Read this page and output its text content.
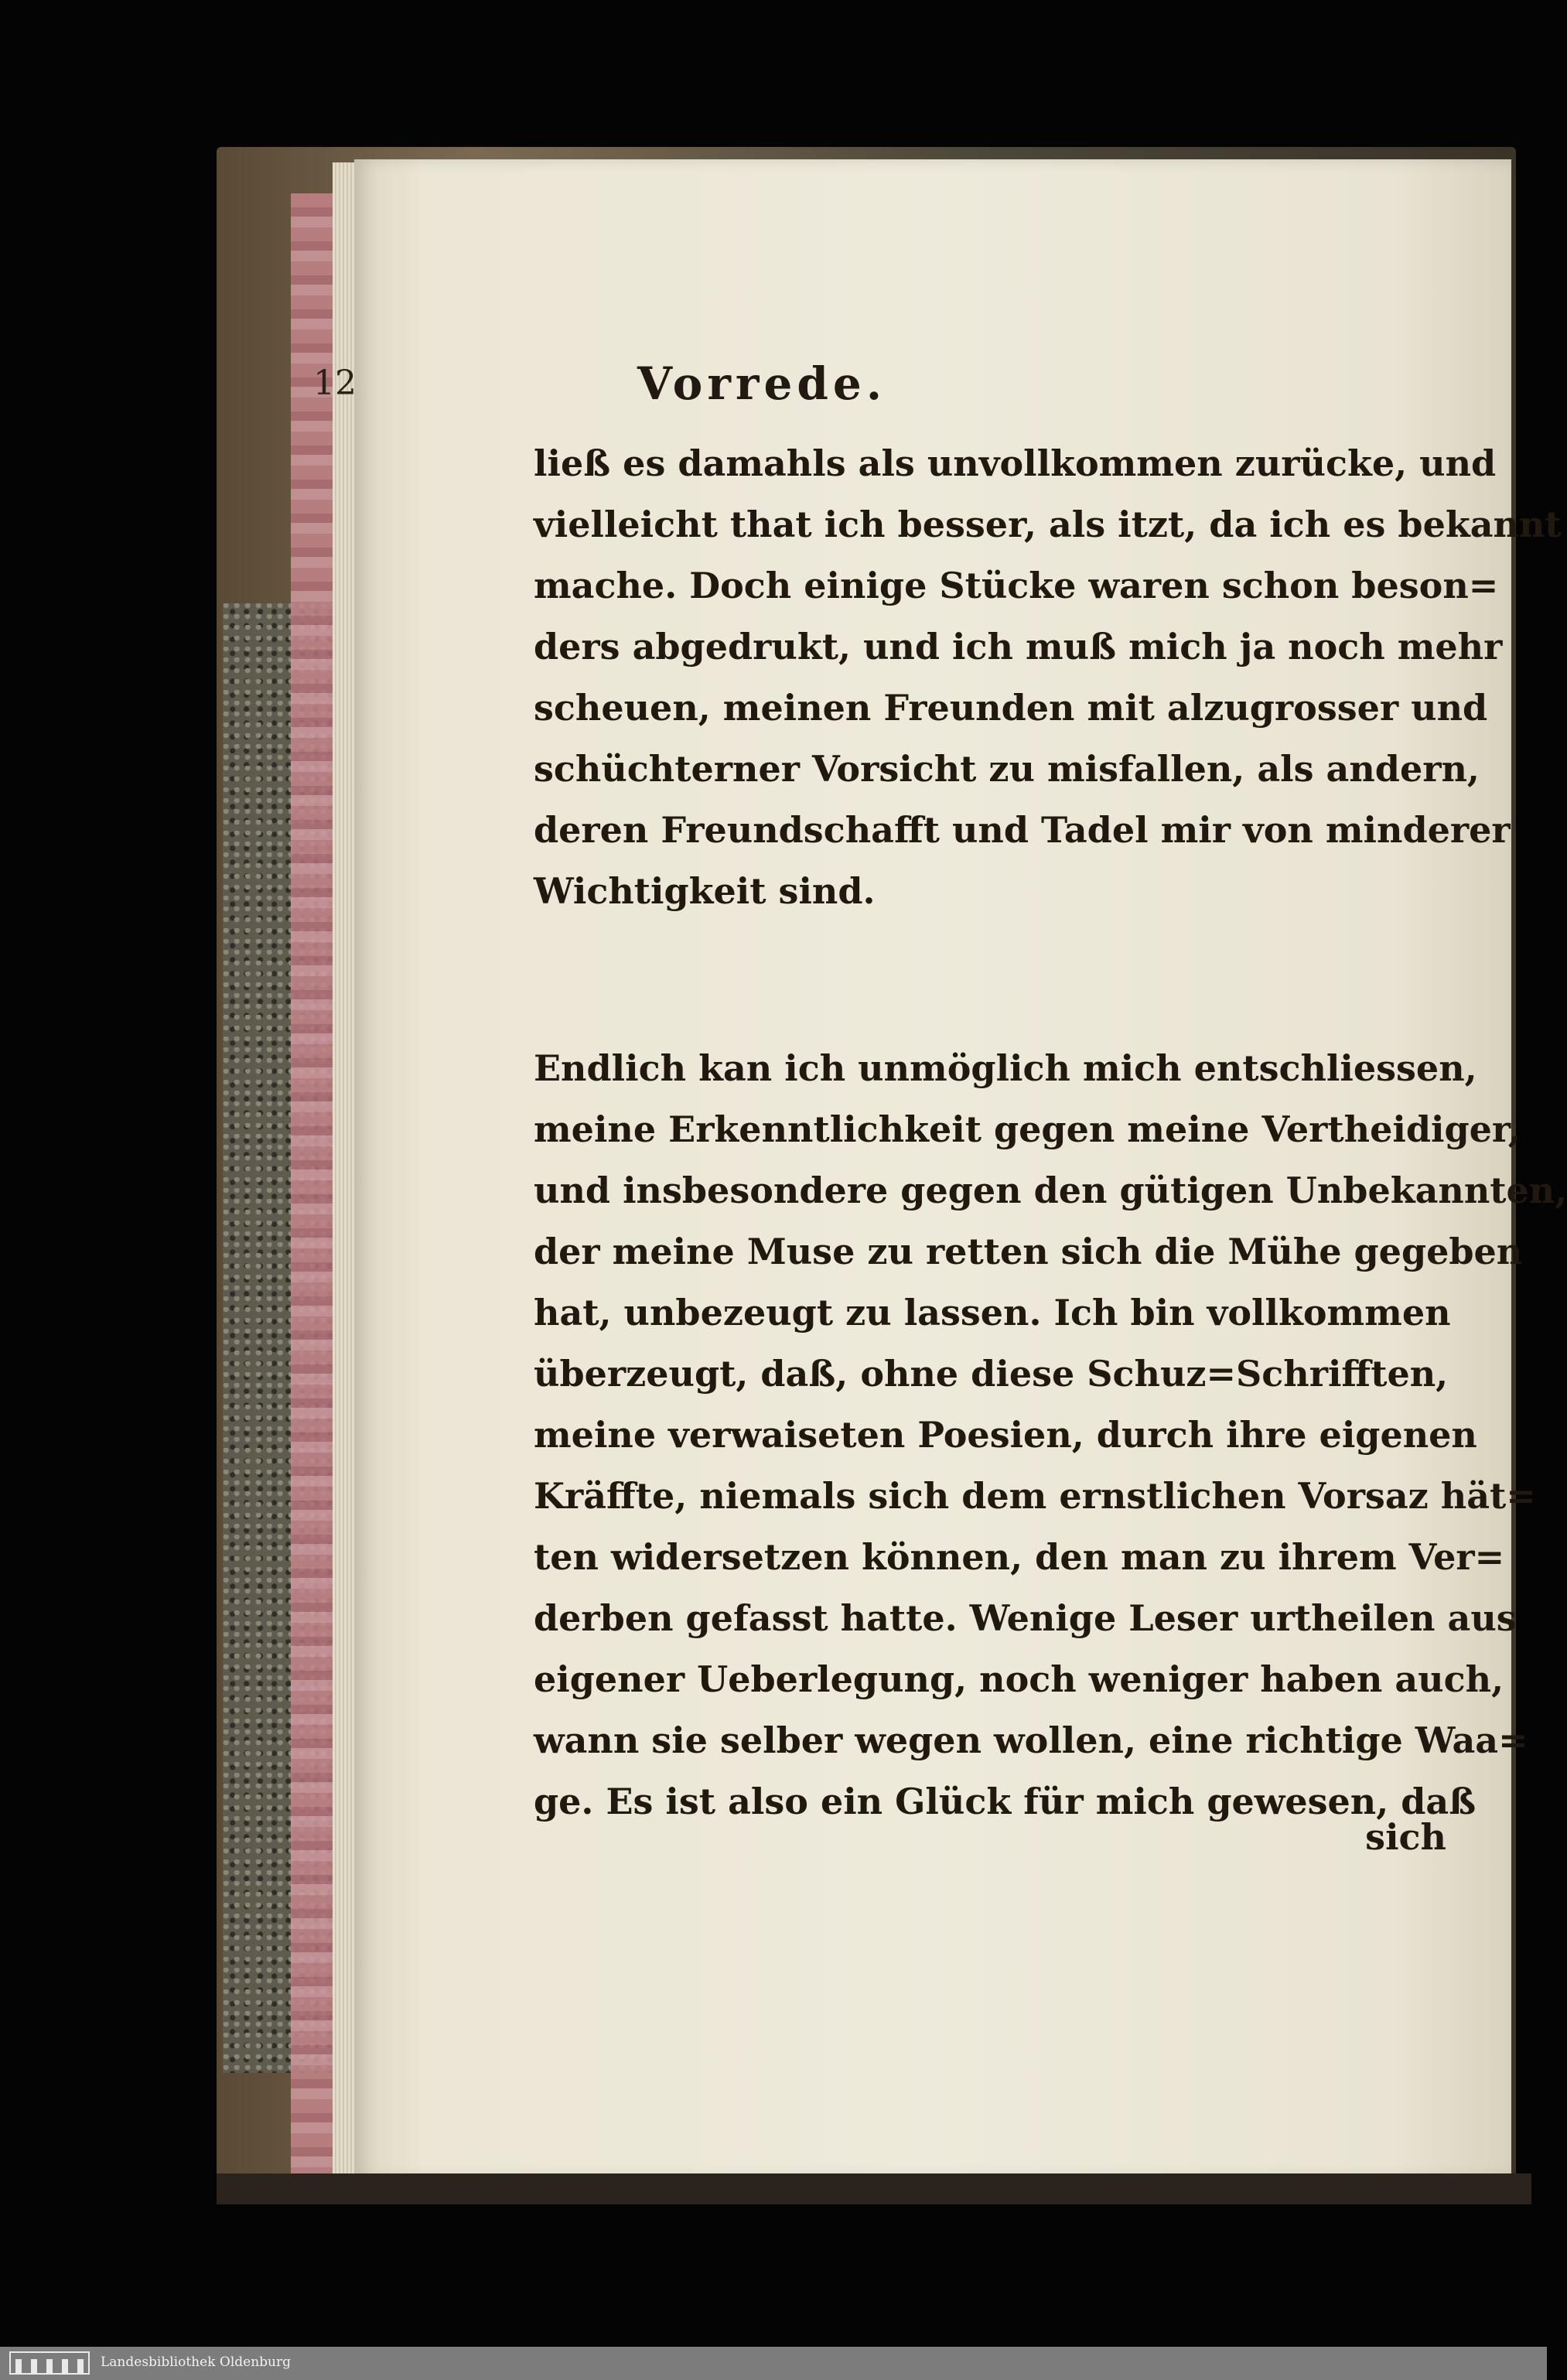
12	Vorrede.
ließ es damahls als unvollkommen zurücke, und
vielleicht that ich besser, als itzt, da ich es bekannt
mache. Doch einige Stücke waren schon beson=
ders abgedrukt, und ich muß mich ja noch mehr
scheuen, meinen Freunden mit alzugrosser und
schüchterner Vorsicht zu misfallen, als andern,
deren Freundschafft und Tadel mir von minderer
Wichtigkeit sind.
Endlich kan ich unmöglich mich entschliessen,
meine Erkenntlichkeit gegen meine Vertheidiger,
und insbesondere gegen den gütigen Unbekannten,
der meine Muse zu retten sich die Mühe gegeben
hat, unbezeugt zu lassen. Ich bin vollkommen
überzeugt, daß, ohne diese Schuz=Schrifften,
meine verwaiseten Poesien, durch ihre eigenen
Kräffte, niemals sich dem ernstlichen Vorsaz hät=
ten widersetzen können, den man zu ihrem Ver=
derben gefasst hatte. Wenige Leser urtheilen aus
eigener Ueberlegung, noch weniger haben auch,
wann sie selber wegen wollen, eine richtige Waa=
ge. Es ist also ein Glück für mich gewesen, daß
sich
Landesbibliothek Oldenburg
